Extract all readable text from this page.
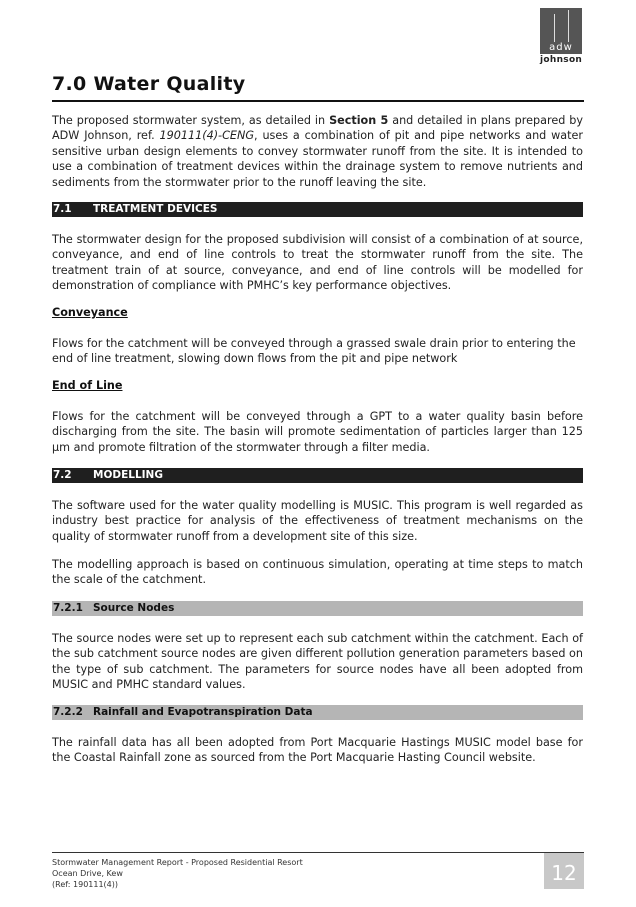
adw
johnson
7.0 Water Quality

The proposed stormwater system, as detailed in Section 5 and detailed in plans prepared by ADW Johnson, ref. 190111(4)-CENG, uses a combination of pit and pipe networks and water sensitive urban design elements to convey stormwater runoff from the site. It is intended to use a combination of treatment devices within the drainage system to remove nutrients and sediments from the stormwater prior to the runoff leaving the site.

7.1 TREATMENT DEVICES

The stormwater design for the proposed subdivision will consist of a combination of at source, conveyance, and end of line controls to treat the stormwater runoff from the site. The treatment train of at source, conveyance, and end of line controls will be modelled for demonstration of compliance with PMHC’s key performance objectives.

Conveyance

Flows for the catchment will be conveyed through a grassed swale drain prior to entering the end of line treatment, slowing down flows from the pit and pipe network

End of Line

Flows for the catchment will be conveyed through a GPT to a water quality basin before discharging from the site. The basin will promote sedimentation of particles larger than 125 µm and promote filtration of the stormwater through a filter media.

7.2 MODELLING

The software used for the water quality modelling is MUSIC. This program is well regarded as industry best practice for analysis of the effectiveness of treatment mechanisms on the quality of stormwater runoff from a development site of this size.

The modelling approach is based on continuous simulation, operating at time steps to match the scale of the catchment.

7.2.1 Source Nodes

The source nodes were set up to represent each sub catchment within the catchment. Each of the sub catchment source nodes are given different pollution generation parameters based on the type of sub catchment. The parameters for source nodes have all been adopted from MUSIC and PMHC standard values.

7.2.2 Rainfall and Evapotranspiration Data

The rainfall data has all been adopted from Port Macquarie Hastings MUSIC model base for the Coastal Rainfall zone as sourced from the Port Macquarie Hasting Council website.

Stormwater Management Report - Proposed Residential Resort
Ocean Drive, Kew
(Ref: 190111(4))	12
